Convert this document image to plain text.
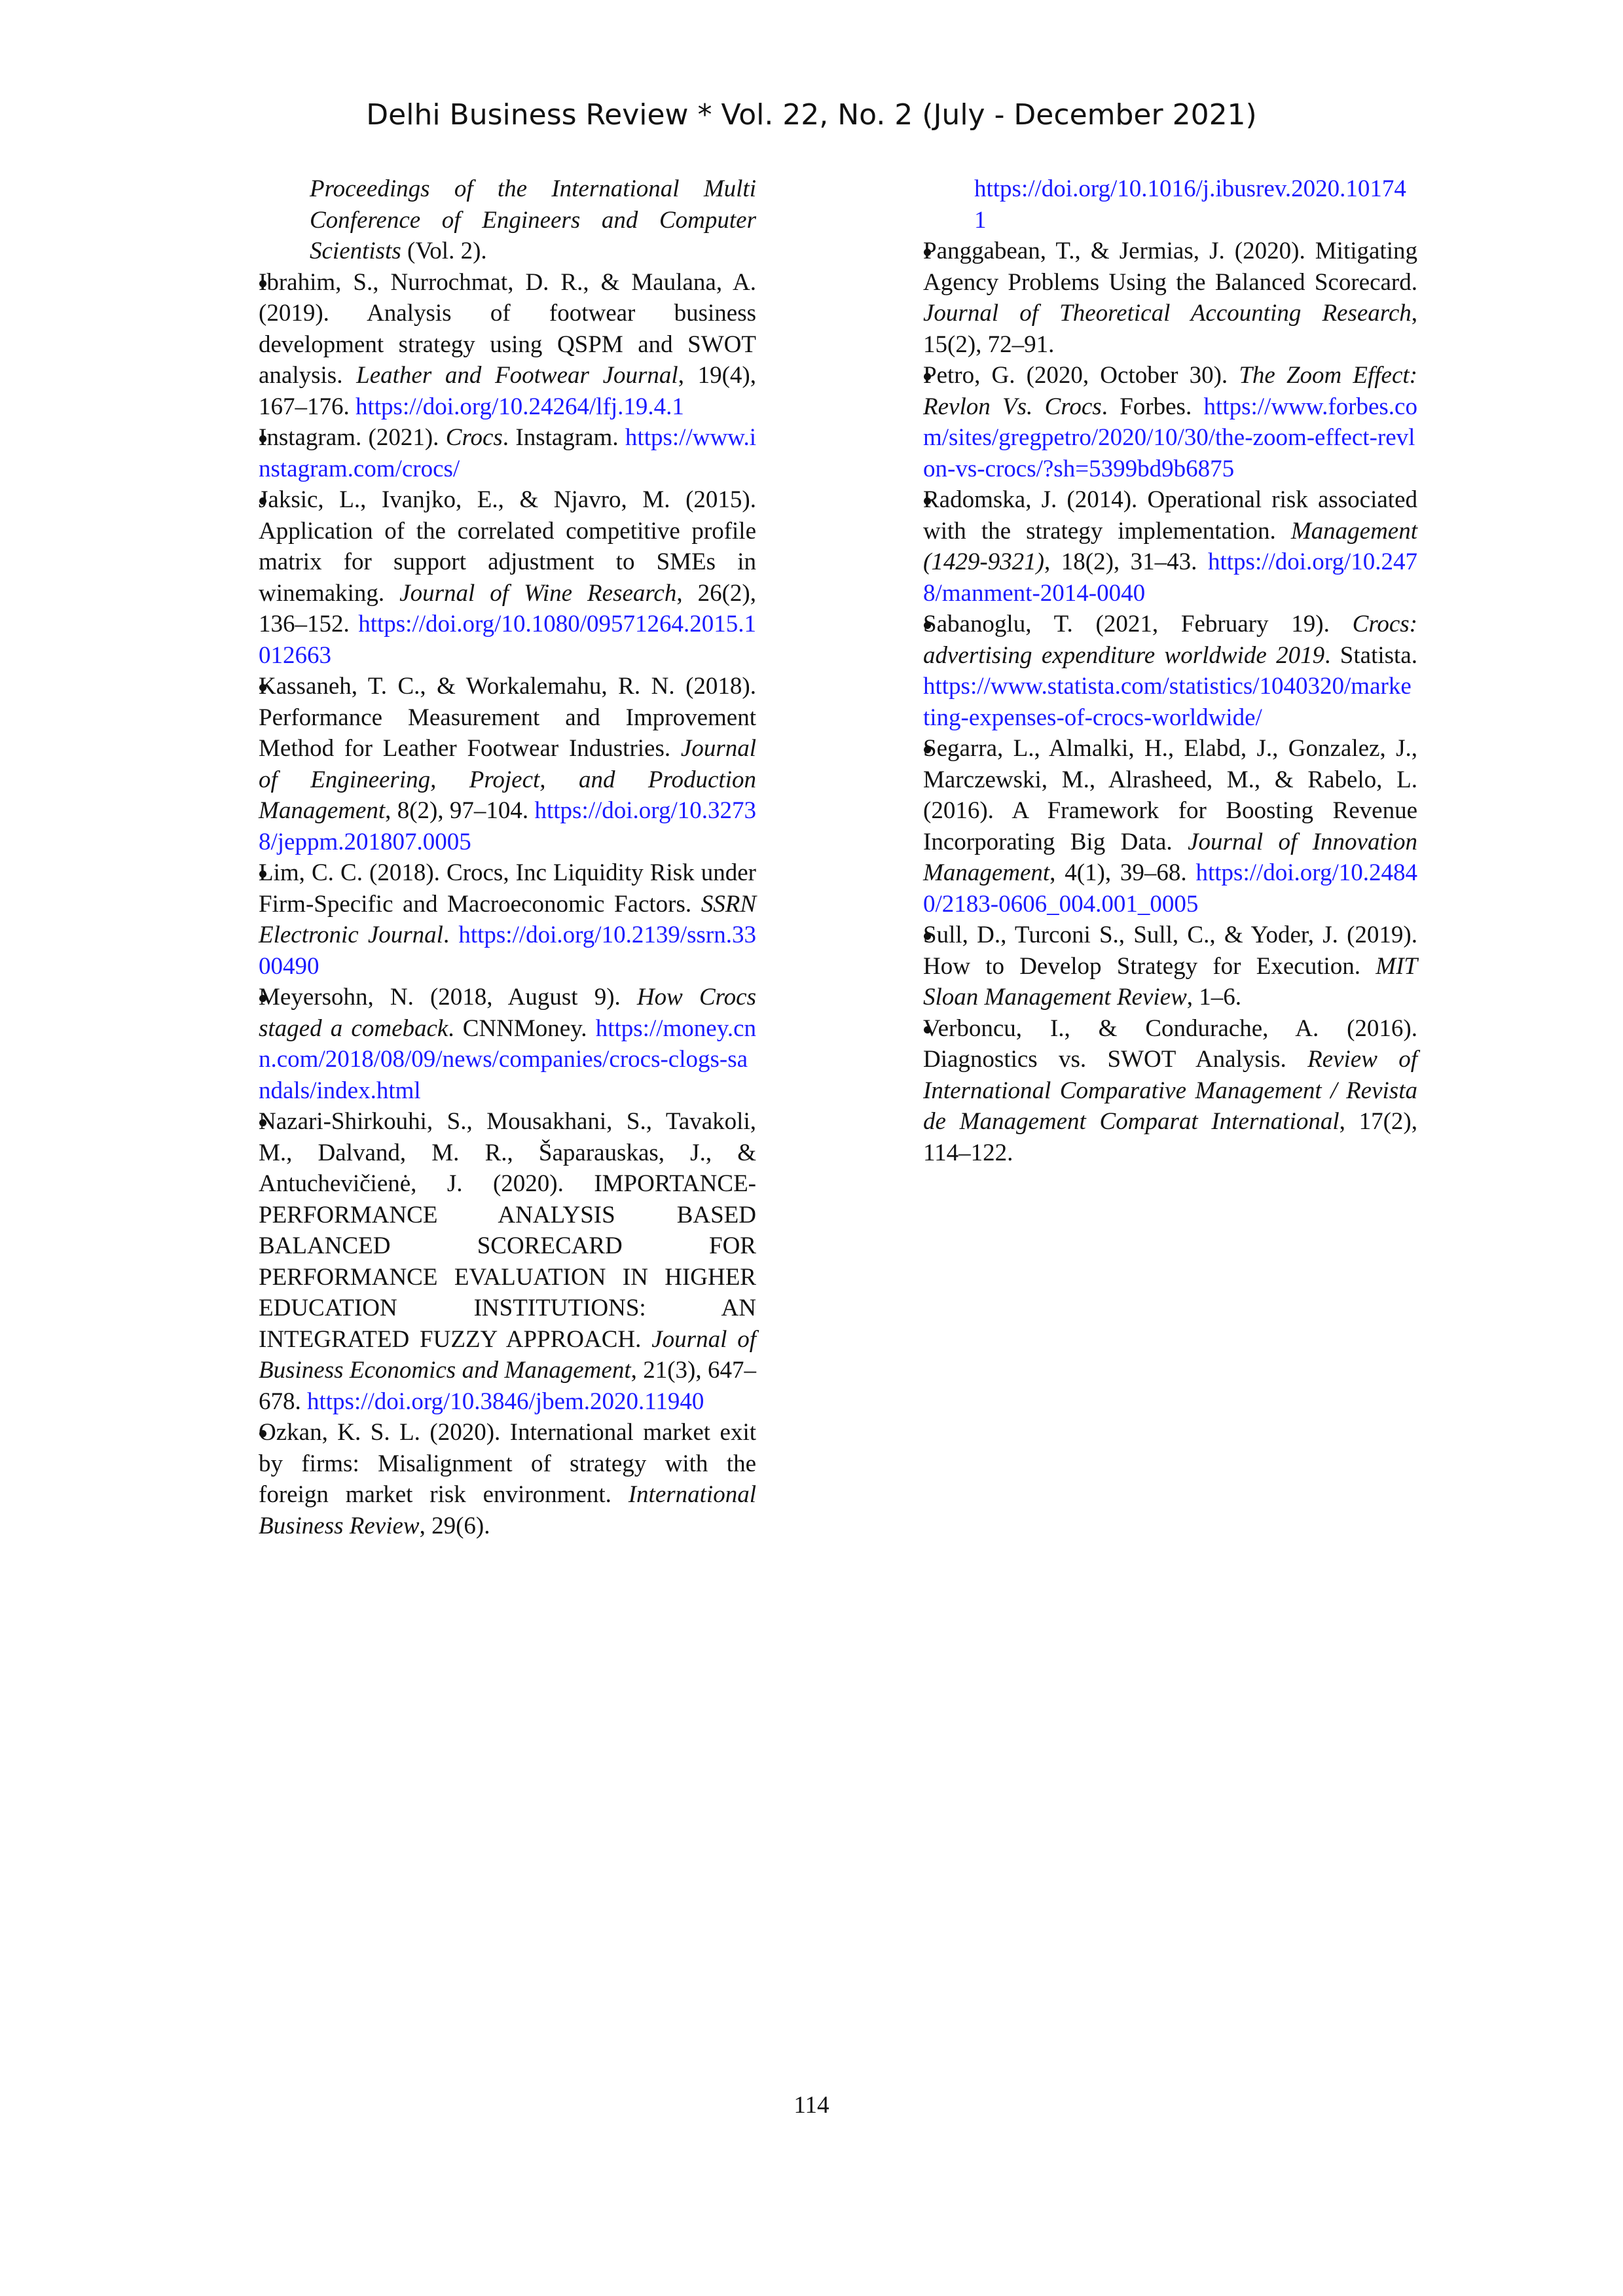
Delhi Business Review * Vol. 22, No. 2 (July - December 2021)

Proceedings of the International Multi Conference of Engineers and Computer Scientists (Vol. 2).

Ibrahim, S., Nurrochmat, D. R., & Maulana, A. (2019). Analysis of footwear business development strategy using QSPM and SWOT analysis. Leather and Footwear Journal, 19(4), 167–176. https://doi.org/10.24264/lfj.19.4.1

Instagram. (2021). Crocs. Instagram. https://www.instagram.com/crocs/

Jaksic, L., Ivanjko, E., & Njavro, M. (2015). Application of the correlated competitive profile matrix for support adjustment to SMEs in winemaking. Journal of Wine Research, 26(2), 136–152. https://doi.org/10.1080/09571264.2015.1012663

Kassaneh, T. C., & Workalemahu, R. N. (2018). Performance Measurement and Improvement Method for Leather Footwear Industries. Journal of Engineering, Project, and Production Management, 8(2), 97–104. https://doi.org/10.32738/jeppm.201807.0005

Lim, C. C. (2018). Crocs, Inc Liquidity Risk under Firm-Specific and Macroeconomic Factors. SSRN Electronic Journal. https://doi.org/10.2139/ssrn.3300490

Meyersohn, N. (2018, August 9). How Crocs staged a comeback. CNNMoney. https://money.cnn.com/2018/08/09/news/companies/crocs-clogs-sandals/index.html

Nazari-Shirkouhi, S., Mousakhani, S., Tavakoli, M., Dalvand, M. R., Šaparauskas, J., & Antuchevičienė, J. (2020). IMPORTANCE-PERFORMANCE ANALYSIS BASED BALANCED SCORECARD FOR PERFORMANCE EVALUATION IN HIGHER EDUCATION INSTITUTIONS: AN INTEGRATED FUZZY APPROACH. Journal of Business Economics and Management, 21(3), 647–678. https://doi.org/10.3846/jbem.2020.11940

Ozkan, K. S. L. (2020). International market exit by firms: Misalignment of strategy with the foreign market risk environment. International Business Review, 29(6).

https://doi.org/10.1016/j.ibusrev.2020.101741

Panggabean, T., & Jermias, J. (2020). Mitigating Agency Problems Using the Balanced Scorecard. Journal of Theoretical Accounting Research, 15(2), 72–91.

Petro, G. (2020, October 30). The Zoom Effect: Revlon Vs. Crocs. Forbes. https://www.forbes.com/sites/gregpetro/2020/10/30/the-zoom-effect-revlon-vs-crocs/?sh=5399bd9b6875

Radomska, J. (2014). Operational risk associated with the strategy implementation. Management (1429-9321), 18(2), 31–43. https://doi.org/10.2478/manment-2014-0040

Sabanoglu, T. (2021, February 19). Crocs: advertising expenditure worldwide 2019. Statista. https://www.statista.com/statistics/1040320/marketing-expenses-of-crocs-worldwide/

Segarra, L., Almalki, H., Elabd, J., Gonzalez, J., Marczewski, M., Alrasheed, M., & Rabelo, L. (2016). A Framework for Boosting Revenue Incorporating Big Data. Journal of Innovation Management, 4(1), 39–68. https://doi.org/10.24840/2183-0606_004.001_0005

Sull, D., Turconi S., Sull, C., & Yoder, J. (2019). How to Develop Strategy for Execution. MIT Sloan Management Review, 1–6.

Verboncu, I., & Condurache, A. (2016). Diagnostics vs. SWOT Analysis. Review of International Comparative Management / Revista de Management Comparat International, 17(2), 114–122.

114
